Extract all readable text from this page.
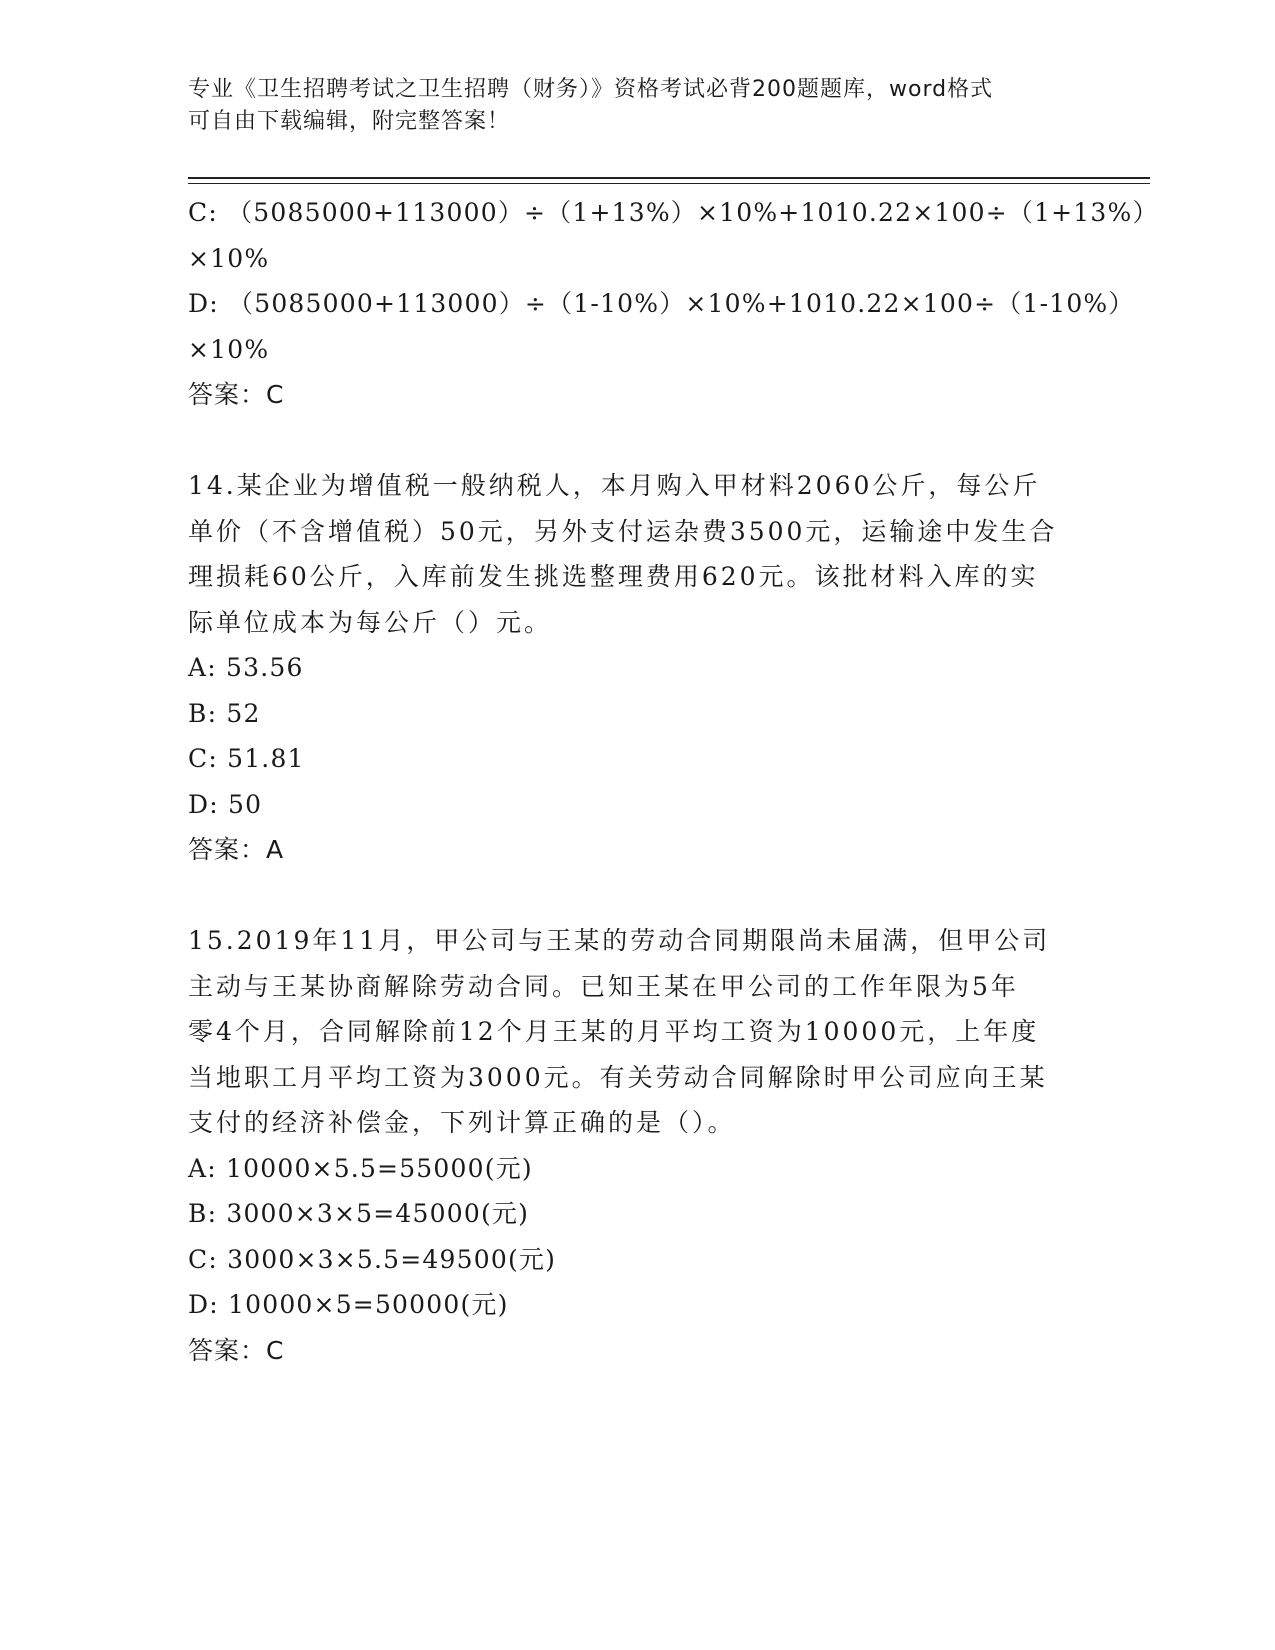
专业《卫生招聘考试之卫生招聘（财务）》资格考试必背200题题库，word格式
可自由下载编辑，附完整答案！
C: （5085000+113000）÷（1+13%）×10%+1010.22×100÷（1+13%）
×10%
D: （5085000+113000）÷（1-10%）×10%+1010.22×100÷（1-10%）
×10%
答案：C
14.某企业为增值税一般纳税人，本月购入甲材料2060公斤，每公斤
单价（不含增值税）50元，另外支付运杂费3500元，运输途中发生合
理损耗60公斤，入库前发生挑选整理费用620元。该批材料入库的实
际单位成本为每公斤（）元。
A: 53.56
B: 52
C: 51.81
D: 50
答案：A
15.2019年11月，甲公司与王某的劳动合同期限尚未届满，但甲公司
主动与王某协商解除劳动合同。已知王某在甲公司的工作年限为5年
零4个月，合同解除前12个月王某的月平均工资为10000元，上年度
当地职工月平均工资为3000元。有关劳动合同解除时甲公司应向王某
支付的经济补偿金，下列计算正确的是（）。
A: 10000×5.5=55000(元)
B: 3000×3×5=45000(元)
C: 3000×3×5.5=49500(元)
D: 10000×5=50000(元)
答案：C
